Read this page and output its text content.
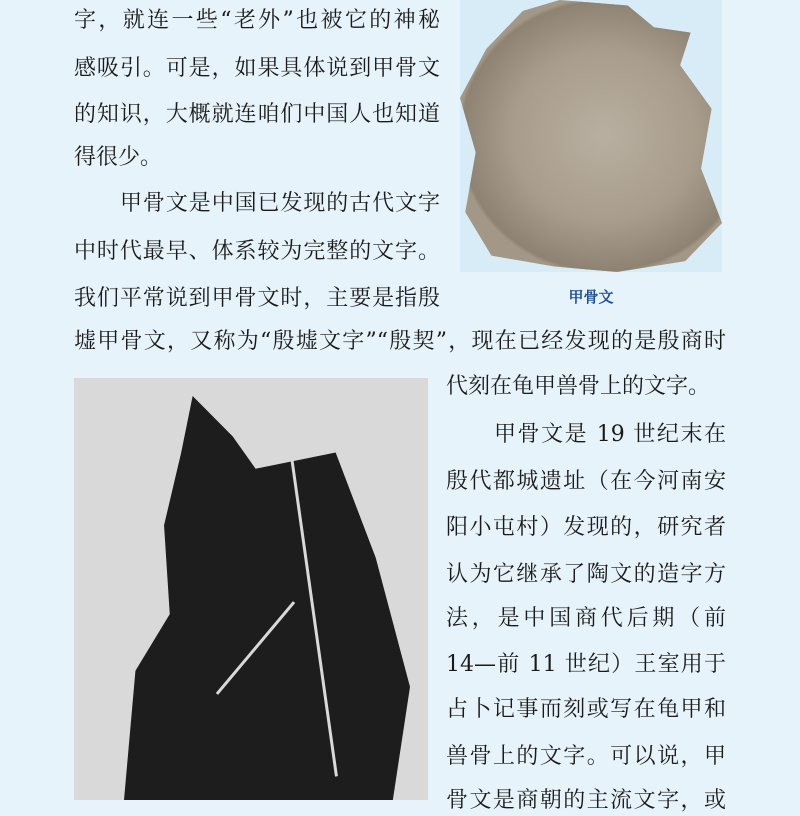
甲骨文
字，就连一些“老外”也被它的神秘
感吸引。可是，如果具体说到甲骨文
的知识，大概就连咱们中国人也知道
得很少。
甲骨文是中国已发现的古代文字
中时代最早、体系较为完整的文字。
我们平常说到甲骨文时，主要是指殷
墟甲骨文，又称为“殷墟文字”“殷契”，现在已经发现的是殷商时
代刻在龟甲兽骨上的文字。
甲骨文是 19 世纪末在
殷代都城遗址（在今河南安
阳小屯村）发现的，研究者
认为它继承了陶文的造字方
法，是中国商代后期（前
14—前 11 世纪）王室用于
占卜记事而刻或写在龟甲和
兽骨上的文字。可以说，甲
骨文是商朝的主流文字，或
